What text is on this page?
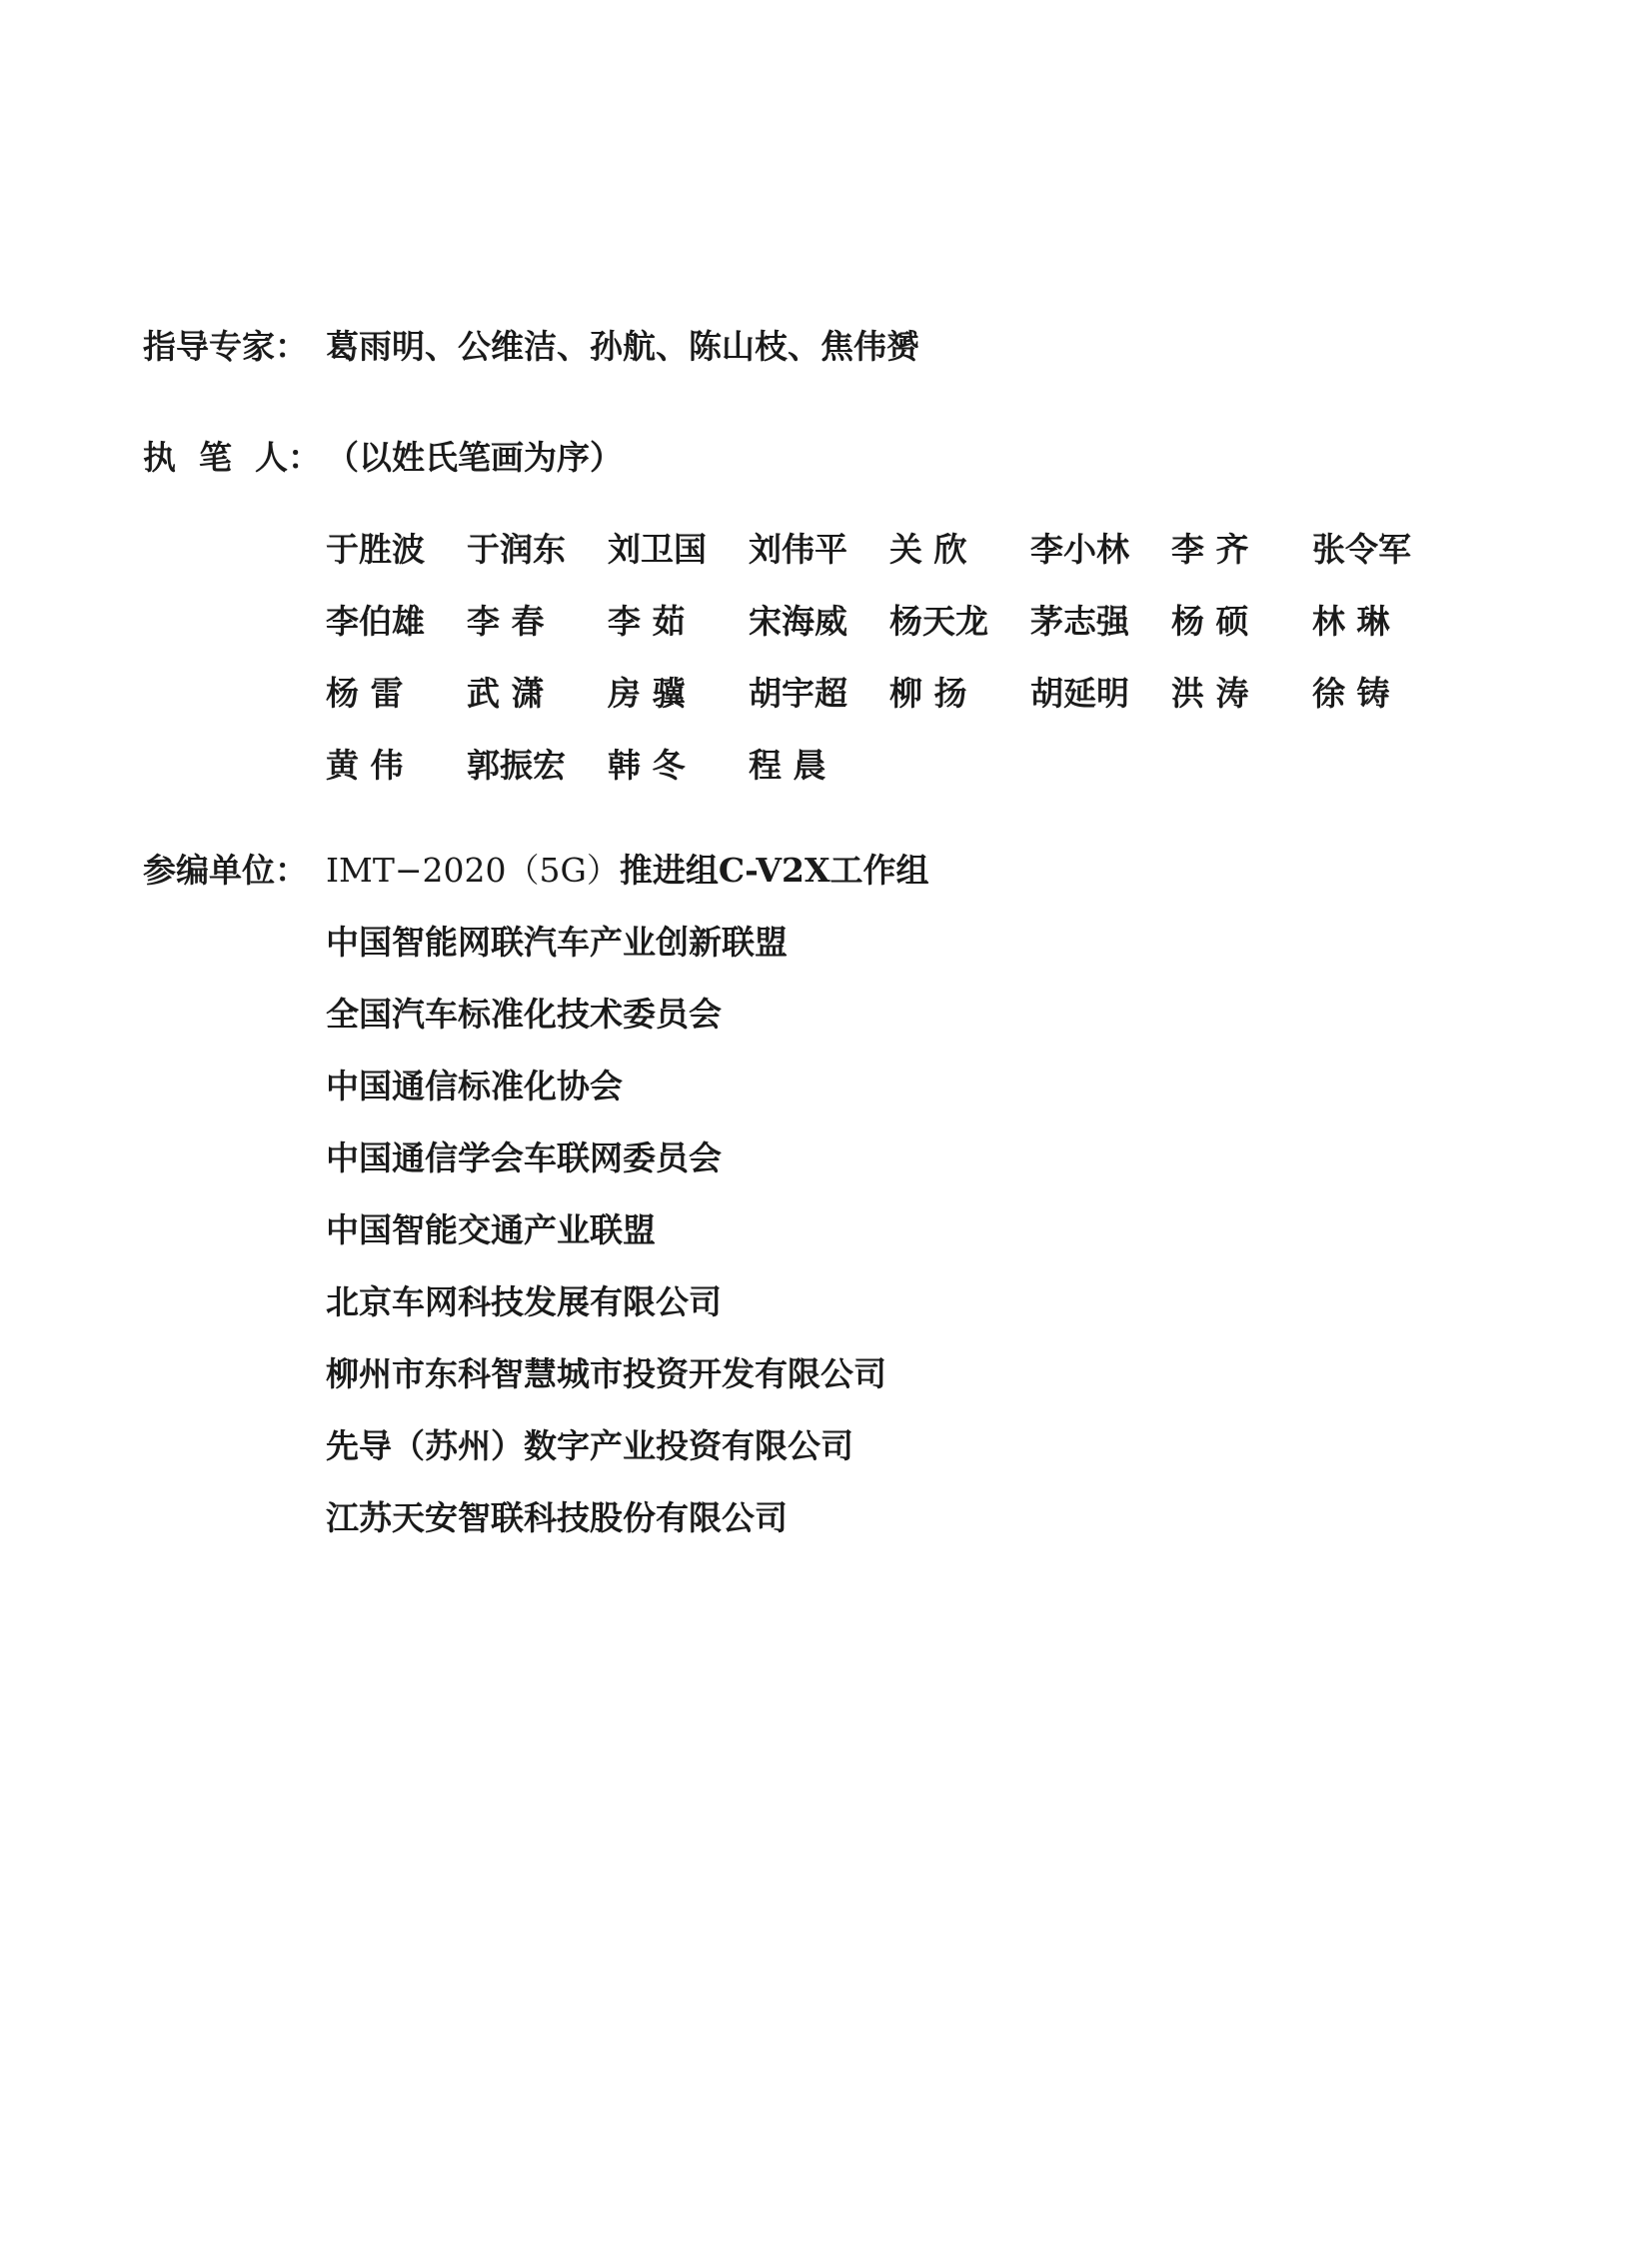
指导专家： 葛雨明、公维洁、孙航、陈山枝、焦伟赟
执  笔  人： （以姓氏笔画为序）
于胜波	于润东	刘卫国	刘伟平	关 欣	李小林	李 齐	张令军
李伯雄	李 春	李 茹	宋海威	杨天龙	茅志强	杨 硕	林 琳
杨 雷	武 潇	房 骥	胡宇超	柳 扬	胡延明	洪 涛	徐 铸
黄 伟	郭振宏	韩 冬	程 晨
参编单位： IMT−2020（5G）推进组C-V2X工作组
中国智能网联汽车产业创新联盟
全国汽车标准化技术委员会
中国通信标准化协会
中国通信学会车联网委员会
中国智能交通产业联盟
北京车网科技发展有限公司
柳州市东科智慧城市投资开发有限公司
先导（苏州）数字产业投资有限公司
江苏天安智联科技股份有限公司
